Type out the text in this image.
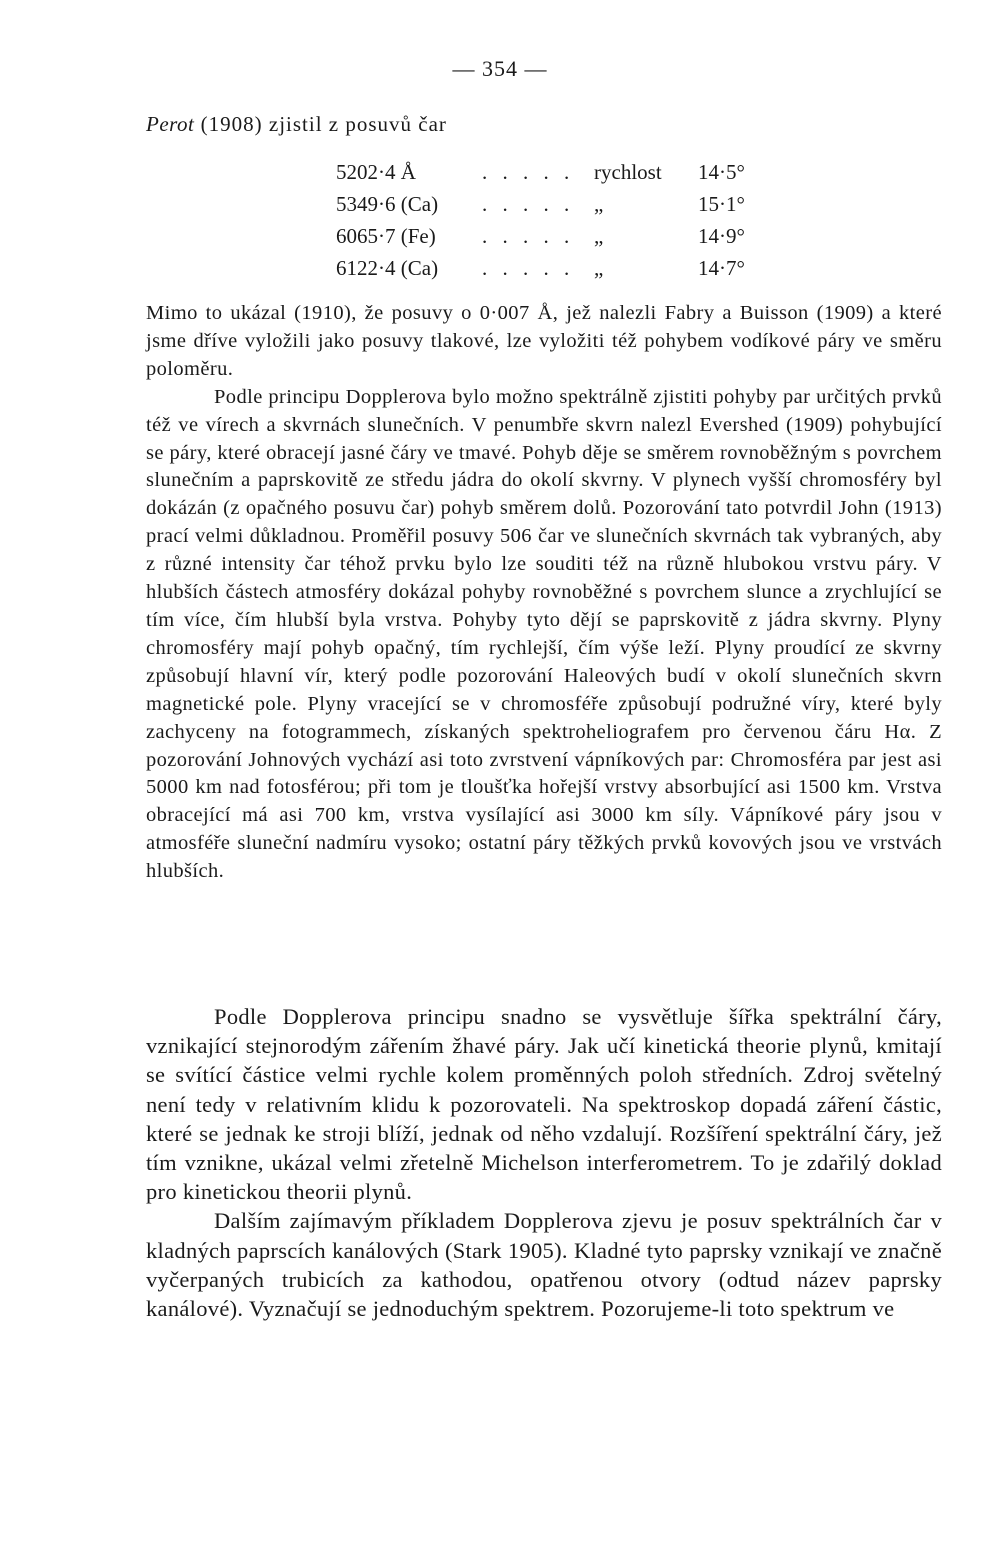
— 354 —
Perot (1908) zjistil z posuvů čar
5202·4 Å	. . . . . rychlost 14·5°
5349·6 (Ca) . . . . . „	15·1°
6065·7 (Fe) . . . . . „	14·9°
6122·4 (Ca) . . . . . „	14·7°

Mimo to ukázal (1910), že posuvy o 0·007 Å, jež nalezli Fabry a Buisson (1909) a které jsme dříve vyložili jako posuvy tlakové, lze vyložiti též pohybem vodíkové páry ve směru poloměru.

Podle principu Dopplerova bylo možno spektrálně zjistiti pohyby par určitých prvků též ve vírech a skvrnách slunečních. V penumbře skvrn nalezl Evershed (1909) pohybující se páry, které obracejí jasné čáry ve tmavé. Pohyb děje se směrem rovnoběžným s povrchem slunečním a paprskovitě ze středu jádra do okolí skvrny. V plynech vyšší chromosféry byl dokázán (z opačného posuvu čar) pohyb směrem dolů. Pozorování tato potvrdil John (1913) prací velmi důkladnou. Proměřil posuvy 506 čar ve slunečních skvrnách tak vybraných, aby z různé intensity čar téhož prvku bylo lze souditi též na různě hlubokou vrstvu páry. V hlubších částech atmosféry dokázal pohyby rovnoběžné s povrchem slunce a zrychlující se tím více, čím hlubší byla vrstva. Pohyby tyto dějí se paprskovitě z jádra skvrny. Plyny chromosféry mají pohyb opačný, tím rychlejší, čím výše leží. Plyny proudící ze skvrny způsobují hlavní vír, který podle pozorování Haleových budí v okolí slunečních skvrn magnetické pole. Plyny vracející se v chromosféře způsobují podružné víry, které byly zachyceny na fotogrammech, získaných spektroheliografem pro červenou čáru Hα. Z pozorování Johnových vychází asi toto zvrstvení vápníkových par: Chromosféra par jest asi 5000 km nad fotosférou; při tom je tloušťka hořejší vrstvy absorbující asi 1500 km. Vrstva obracející má asi 700 km, vrstva vysílající asi 3000 km síly. Vápníkové páry jsou v atmosféře sluneční nadmíru vysoko; ostatní páry těžkých prvků kovových jsou ve vrstvách hlubších.

Podle Dopplerova principu snadno se vysvětluje šířka spektrální čáry, vznikající stejnorodým zářením žhavé páry. Jak učí kinetická theorie plynů, kmitají se svítící částice velmi rychle kolem proměnných poloh středních. Zdroj světelný není tedy v relativním klidu k pozorovateli. Na spektroskop dopadá záření částic, které se jednak ke stroji blíží, jednak od něho vzdalují. Rozšíření spektrální čáry, jež tím vznikne, ukázal velmi zřetelně Michelson interferometrem. To je zdařilý doklad pro kinetickou theorii plynů.

Dalším zajímavým příkladem Dopplerova zjevu je posuv spektrálních čar v kladných paprscích kanálových (Stark 1905). Kladné tyto paprsky vznikají ve značně vyčerpaných trubicích za kathodou, opatřenou otvory (odtud název paprsky kanálové). Vyznačují se jednoduchým spektrem. Pozorujeme-li toto spektrum ve
